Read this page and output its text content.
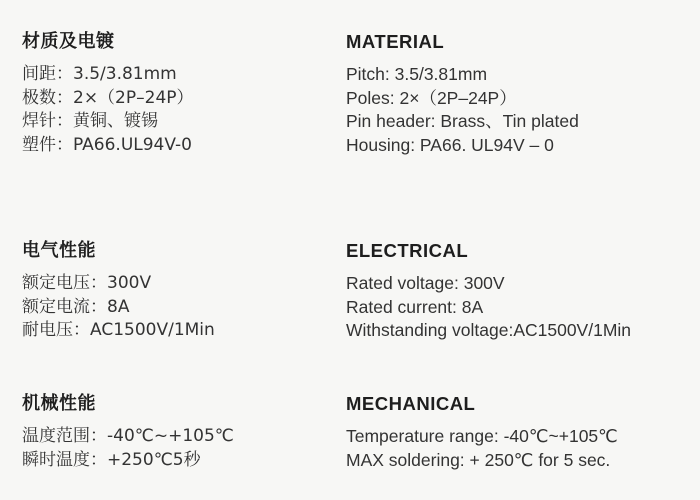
材质及电镀
间距：3.5/3.81mm
极数：2×（2P–24P）
焊针：黄铜、镀锡
塑件：PA66.UL94V-0
电气性能
额定电压：300V
额定电流：8A
耐电压：AC1500V/1Min
机械性能
温度范围：-40℃~+105℃
瞬时温度：+250℃5秒
MATERIAL
Pitch: 3.5/3.81mm
Poles: 2×（2P–24P）
Pin header: Brass、Tin plated
Housing: PA66. UL94V – 0
ELECTRICAL
Rated voltage: 300V
Rated current: 8A
Withstanding voltage:AC1500V/1Min
MECHANICAL
Temperature range: -40℃~+105℃
MAX soldering: + 250℃ for 5 sec.
